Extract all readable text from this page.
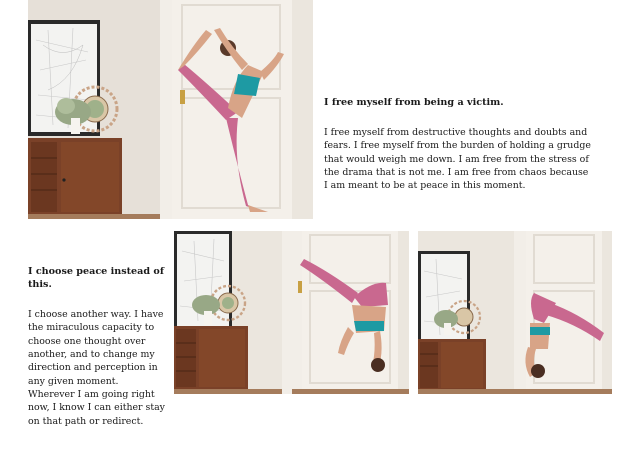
I free myself from being a victim.

I free myself from destructive thoughts and doubts and fears. I free myself from the burden of holding a grudge that would weigh me down. I am free from the stress of the drama that is not me. I am free from chaos because I am meant to be at peace in this moment.

I choose peace instead of this.

I choose another way. I have the miraculous capacity to choose one thought over another, and to change my direction and perception in any given moment. Wherever I am going right now, I know I can either stay on that path or redirect.
